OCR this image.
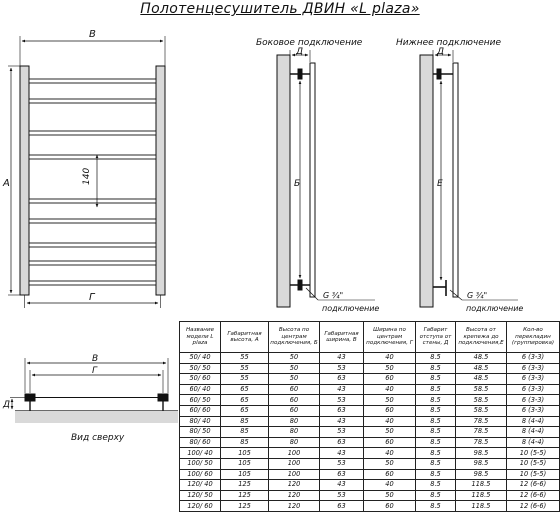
Полотенцесушитель ДВИН «L plaza»
В
А	140
Г
Боковое подключение
Д
Б
G ¾"
подключение
Нижнее подключение
Д
Е
G ¾"
подключение
В
Г
Д
Вид сверху
Название модели L plaza	Габаритная высота, А	Высота по центрам подключения, Б	Габаритная ширина, В	Ширина по центрам подключения, Г	Габарит отступа от стены, Д	Высота от крепежа до подключения,Е	Кол-во перекладин (группировка)
50/ 40	55	50	43	40	8.5	48.5	6 (3-3)
50/ 50	55	50	53	50	8.5	48.5	6 (3-3)
50/ 60	55	50	63	60	8.5	48.5	6 (3-3)
60/ 40	65	60	43	40	8.5	58.5	6 (3-3)
60/ 50	65	60	53	50	8.5	58.5	6 (3-3)
60/ 60	65	60	63	60	8.5	58.5	6 (3-3)
80/ 40	85	80	43	40	8.5	78.5	8 (4-4)
80/ 50	85	80	53	50	8.5	78.5	8 (4-4)
80/ 60	85	80	63	60	8.5	78.5	8 (4-4)
100/ 40	105	100	43	40	8.5	98.5	10 (5-5)
100/ 50	105	100	53	50	8.5	98.5	10 (5-5)
100/ 60	105	100	63	60	8.5	98.5	10 (5-5)
120/ 40	125	120	43	40	8.5	118.5	12 (6-6)
120/ 50	125	120	53	50	8.5	118.5	12 (6-6)
120/ 60	125	120	63	60	8.5	118.5	12 (6-6)
